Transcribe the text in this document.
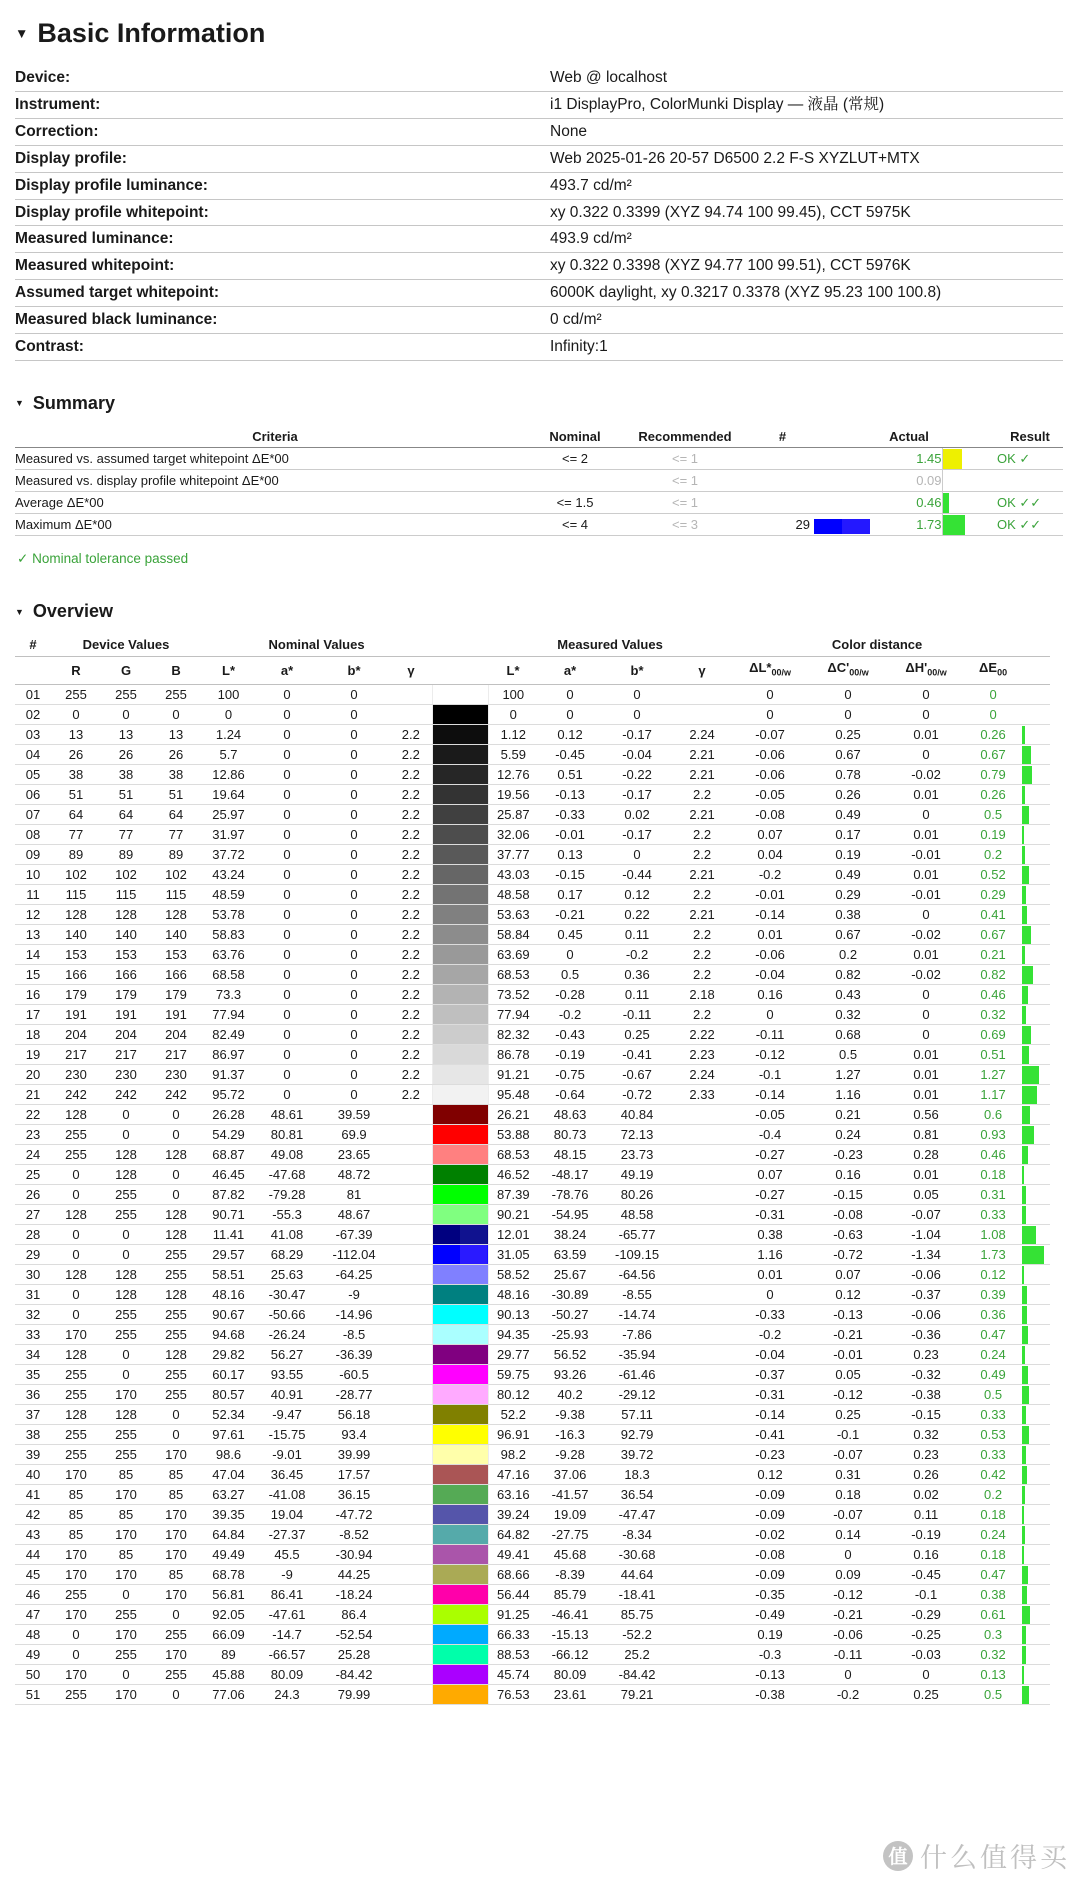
▼ Basic Information
Device:	Web @ localhost
Instrument:	i1 DisplayPro, ColorMunki Display — 液晶 (常规)
Correction:	None
Display profile:	Web 2025-01-26 20-57 D6500 2.2 F-S XYZLUT+MTX
Display profile luminance:	493.7 cd/m²
Display profile whitepoint:	xy 0.322 0.3399 (XYZ 94.74 100 99.45), CCT 5975K
Measured luminance:	493.9 cd/m²
Measured whitepoint:	xy 0.322 0.3398 (XYZ 94.77 100 99.51), CCT 5976K
Assumed target whitepoint:	6000K daylight, xy 0.3217 0.3378 (XYZ 95.23 100 100.8)
Measured black luminance:	0 cd/m²
Contrast:	Infinity:1
▼ Summary
Criteria	Nominal	Recommended	#		Actual		Result
Measured vs. assumed target whitepoint ΔE*00	<= 2	<= 1			1.45		OK ✓
Measured vs. display profile whitepoint ΔE*00		<= 1			0.09		
Average ΔE*00	<= 1.5	<= 1			0.46		OK ✓✓
Maximum ΔE*00	<= 4	<= 3	29		1.73		OK ✓✓
✓ Nominal tolerance passed
▼ Overview
#	Device Values			Nominal Values					Measured Values				Color distance				
	R	G	B	L*	a*	b*	γ		L*	a*	b*	γ	$\Delta L*_{00/w}$	$\Delta C'_{00/w}$	$\Delta H'_{00/w}$	$\Delta E_{00}$	
01	255	255	255	100	0	0			100	0	0		0	0	0	0	
02	0	0	0	0	0	0			0	0	0		0	0	0	0	
03	13	13	13	1.24	0	0	2.2		1.12	0.12	-0.17	2.24	-0.07	0.25	0.01	0.26	

04	26	26	26	5.7	0	0	2.2		5.59	-0.45	-0.04	2.21	-0.06	0.67	0	0.67	

05	38	38	38	12.86	0	0	2.2		12.76	0.51	-0.22	2.21	-0.06	0.78	-0.02	0.79	

06	51	51	51	19.64	0	0	2.2		19.56	-0.13	-0.17	2.2	-0.05	0.26	0.01	0.26	

07	64	64	64	25.97	0	0	2.2		25.87	-0.33	0.02	2.21	-0.08	0.49	0	0.5	

08	77	77	77	31.97	0	0	2.2		32.06	-0.01	-0.17	2.2	0.07	0.17	0.01	0.19	

09	89	89	89	37.72	0	0	2.2		37.77	0.13	0	2.2	0.04	0.19	-0.01	0.2	

10	102	102	102	43.24	0	0	2.2		43.03	-0.15	-0.44	2.21	-0.2	0.49	0.01	0.52	

11	115	115	115	48.59	0	0	2.2		48.58	0.17	0.12	2.2	-0.01	0.29	-0.01	0.29	

12	128	128	128	53.78	0	0	2.2		53.63	-0.21	0.22	2.21	-0.14	0.38	0	0.41	

13	140	140	140	58.83	0	0	2.2		58.84	0.45	0.11	2.2	0.01	0.67	-0.02	0.67	

14	153	153	153	63.76	0	0	2.2		63.69	0	-0.2	2.2	-0.06	0.2	0.01	0.21	

15	166	166	166	68.58	0	0	2.2		68.53	0.5	0.36	2.2	-0.04	0.82	-0.02	0.82	

16	179	179	179	73.3	0	0	2.2		73.52	-0.28	0.11	2.18	0.16	0.43	0	0.46	

17	191	191	191	77.94	0	0	2.2		77.94	-0.2	-0.11	2.2	0	0.32	0	0.32	

18	204	204	204	82.49	0	0	2.2		82.32	-0.43	0.25	2.22	-0.11	0.68	0	0.69	

19	217	217	217	86.97	0	0	2.2		86.78	-0.19	-0.41	2.23	-0.12	0.5	0.01	0.51	

20	230	230	230	91.37	0	0	2.2		91.21	-0.75	-0.67	2.24	-0.1	1.27	0.01	1.27	

21	242	242	242	95.72	0	0	2.2		95.48	-0.64	-0.72	2.33	-0.14	1.16	0.01	1.17	

22	128	0	0	26.28	48.61	39.59			26.21	48.63	40.84		-0.05	0.21	0.56	0.6	

23	255	0	0	54.29	80.81	69.9			53.88	80.73	72.13		-0.4	0.24	0.81	0.93	

24	255	128	128	68.87	49.08	23.65			68.53	48.15	23.73		-0.27	-0.23	0.28	0.46	

25	0	128	0	46.45	-47.68	48.72			46.52	-48.17	49.19		0.07	0.16	0.01	0.18	

26	0	255	0	87.82	-79.28	81			87.39	-78.76	80.26		-0.27	-0.15	0.05	0.31	

27	128	255	128	90.71	-55.3	48.67			90.21	-54.95	48.58		-0.31	-0.08	-0.07	0.33	

28	0	0	128	11.41	41.08	-67.39			12.01	38.24	-65.77		0.38	-0.63	-1.04	1.08	

29	0	0	255	29.57	68.29	-112.04			31.05	63.59	-109.15		1.16	-0.72	-1.34	1.73	

30	128	128	255	58.51	25.63	-64.25			58.52	25.67	-64.56		0.01	0.07	-0.06	0.12	

31	0	128	128	48.16	-30.47	-9			48.16	-30.89	-8.55		0	0.12	-0.37	0.39	

32	0	255	255	90.67	-50.66	-14.96			90.13	-50.27	-14.74		-0.33	-0.13	-0.06	0.36	

33	170	255	255	94.68	-26.24	-8.5			94.35	-25.93	-7.86		-0.2	-0.21	-0.36	0.47	

34	128	0	128	29.82	56.27	-36.39			29.77	56.52	-35.94		-0.04	-0.01	0.23	0.24	

35	255	0	255	60.17	93.55	-60.5			59.75	93.26	-61.46		-0.37	0.05	-0.32	0.49	

36	255	170	255	80.57	40.91	-28.77			80.12	40.2	-29.12		-0.31	-0.12	-0.38	0.5	

37	128	128	0	52.34	-9.47	56.18			52.2	-9.38	57.11		-0.14	0.25	-0.15	0.33	

38	255	255	0	97.61	-15.75	93.4			96.91	-16.3	92.79		-0.41	-0.1	0.32	0.53	

39	255	255	170	98.6	-9.01	39.99			98.2	-9.28	39.72		-0.23	-0.07	0.23	0.33	

40	170	85	85	47.04	36.45	17.57			47.16	37.06	18.3		0.12	0.31	0.26	0.42	

41	85	170	85	63.27	-41.08	36.15			63.16	-41.57	36.54		-0.09	0.18	0.02	0.2	

42	85	85	170	39.35	19.04	-47.72			39.24	19.09	-47.47		-0.09	-0.07	0.11	0.18	

43	85	170	170	64.84	-27.37	-8.52			64.82	-27.75	-8.34		-0.02	0.14	-0.19	0.24	

44	170	85	170	49.49	45.5	-30.94			49.41	45.68	-30.68		-0.08	0	0.16	0.18	

45	170	170	85	68.78	-9	44.25			68.66	-8.39	44.64		-0.09	0.09	-0.45	0.47	

46	255	0	170	56.81	86.41	-18.24			56.44	85.79	-18.41		-0.35	-0.12	-0.1	0.38	

47	170	255	0	92.05	-47.61	86.4			91.25	-46.41	85.75		-0.49	-0.21	-0.29	0.61	

48	0	170	255	66.09	-14.7	-52.54			66.33	-15.13	-52.2		0.19	-0.06	-0.25	0.3	

49	0	255	170	89	-66.57	25.28			88.53	-66.12	25.2		-0.3	-0.11	-0.03	0.32	

50	170	0	255	45.88	80.09	-84.42			45.74	80.09	-84.42		-0.13	0	0	0.13	

51	255	170	0	77.06	24.3	79.99			76.53	23.61	79.21		-0.38	-0.2	0.25	0.5	
值 什么值得买
